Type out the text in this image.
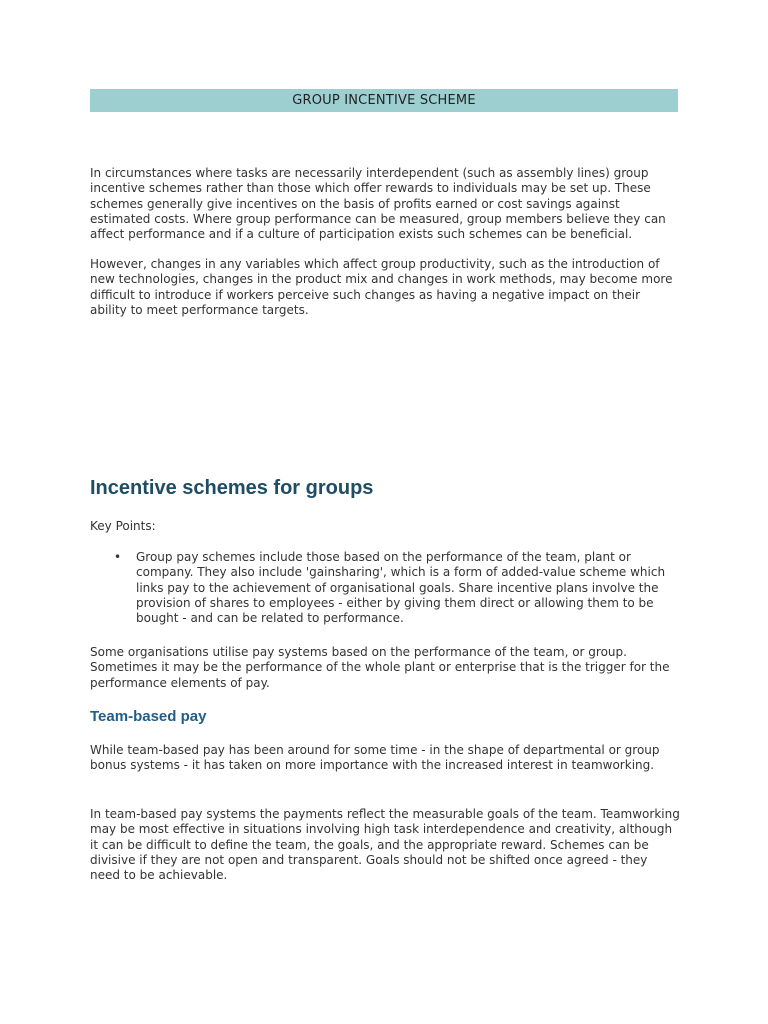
GROUP INCENTIVE SCHEME

In circumstances where tasks are necessarily interdependent (such as assembly lines) group incentive schemes rather than those which offer rewards to individuals may be set up. These schemes generally give incentives on the basis of profits earned or cost savings against estimated costs. Where group performance can be measured, group members believe they can affect performance and if a culture of participation exists such schemes can be beneficial.

However, changes in any variables which affect group productivity, such as the introduction of new technologies, changes in the product mix and changes in work methods, may become more difficult to introduce if workers perceive such changes as having a negative impact on their ability to meet performance targets.

Incentive schemes for groups

Key Points:

• Group pay schemes include those based on the performance of the team, plant or company. They also include 'gainsharing', which is a form of added-value scheme which links pay to the achievement of organisational goals. Share incentive plans involve the provision of shares to employees - either by giving them direct or allowing them to be bought - and can be related to performance.

Some organisations utilise pay systems based on the performance of the team, or group. Sometimes it may be the performance of the whole plant or enterprise that is the trigger for the performance elements of pay.

Team-based pay

While team-based pay has been around for some time - in the shape of departmental or group bonus systems - it has taken on more importance with the increased interest in teamworking.

In team-based pay systems the payments reflect the measurable goals of the team. Teamworking may be most effective in situations involving high task interdependence and creativity, although it can be difficult to define the team, the goals, and the appropriate reward. Schemes can be divisive if they are not open and transparent. Goals should not be shifted once agreed - they need to be achievable.
